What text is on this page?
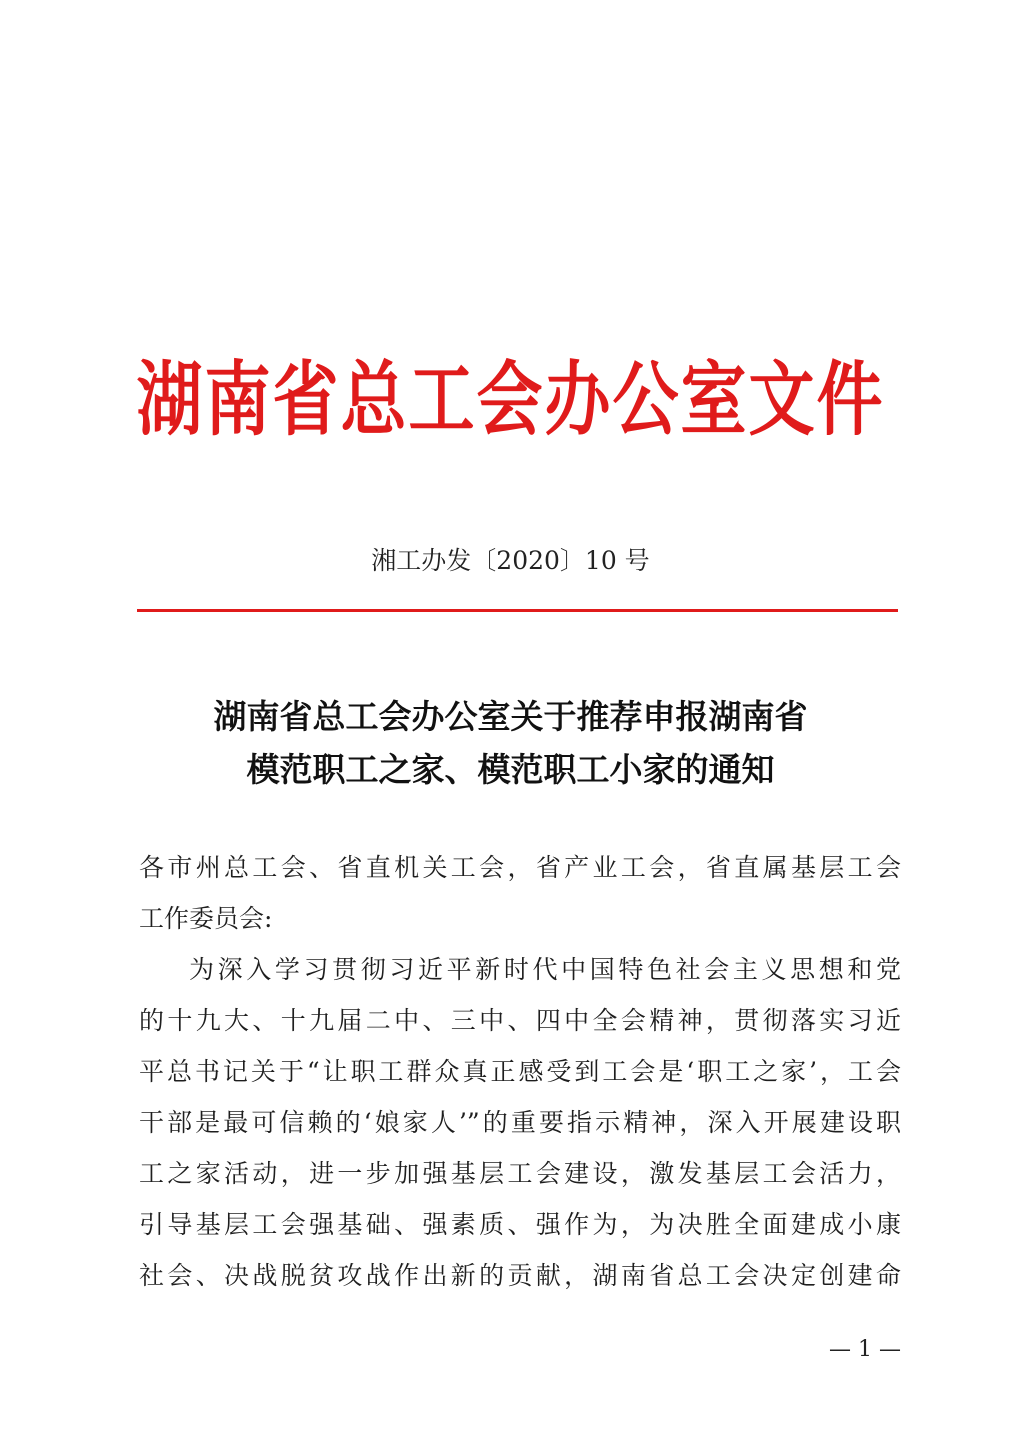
湖南省总工会办公室文件
湘工办发〔2020〕10 号
湖南省总工会办公室关于推荐申报湖南省
模范职工之家、模范职工小家的通知
各市州总工会、省直机关工会，省产业工会，省直属基层工会
工作委员会:
为深入学习贯彻习近平新时代中国特色社会主义思想和党
的十九大、十九届二中、三中、四中全会精神，贯彻落实习近
平总书记关于“让职工群众真正感受到工会是‘职工之家’，工会
干部是最可信赖的‘娘家人’”的重要指示精神，深入开展建设职
工之家活动，进一步加强基层工会建设，激发基层工会活力，
引导基层工会强基础、强素质、强作为，为决胜全面建成小康
社会、决战脱贫攻战作出新的贡献，湖南省总工会决定创建命
— 1 —
